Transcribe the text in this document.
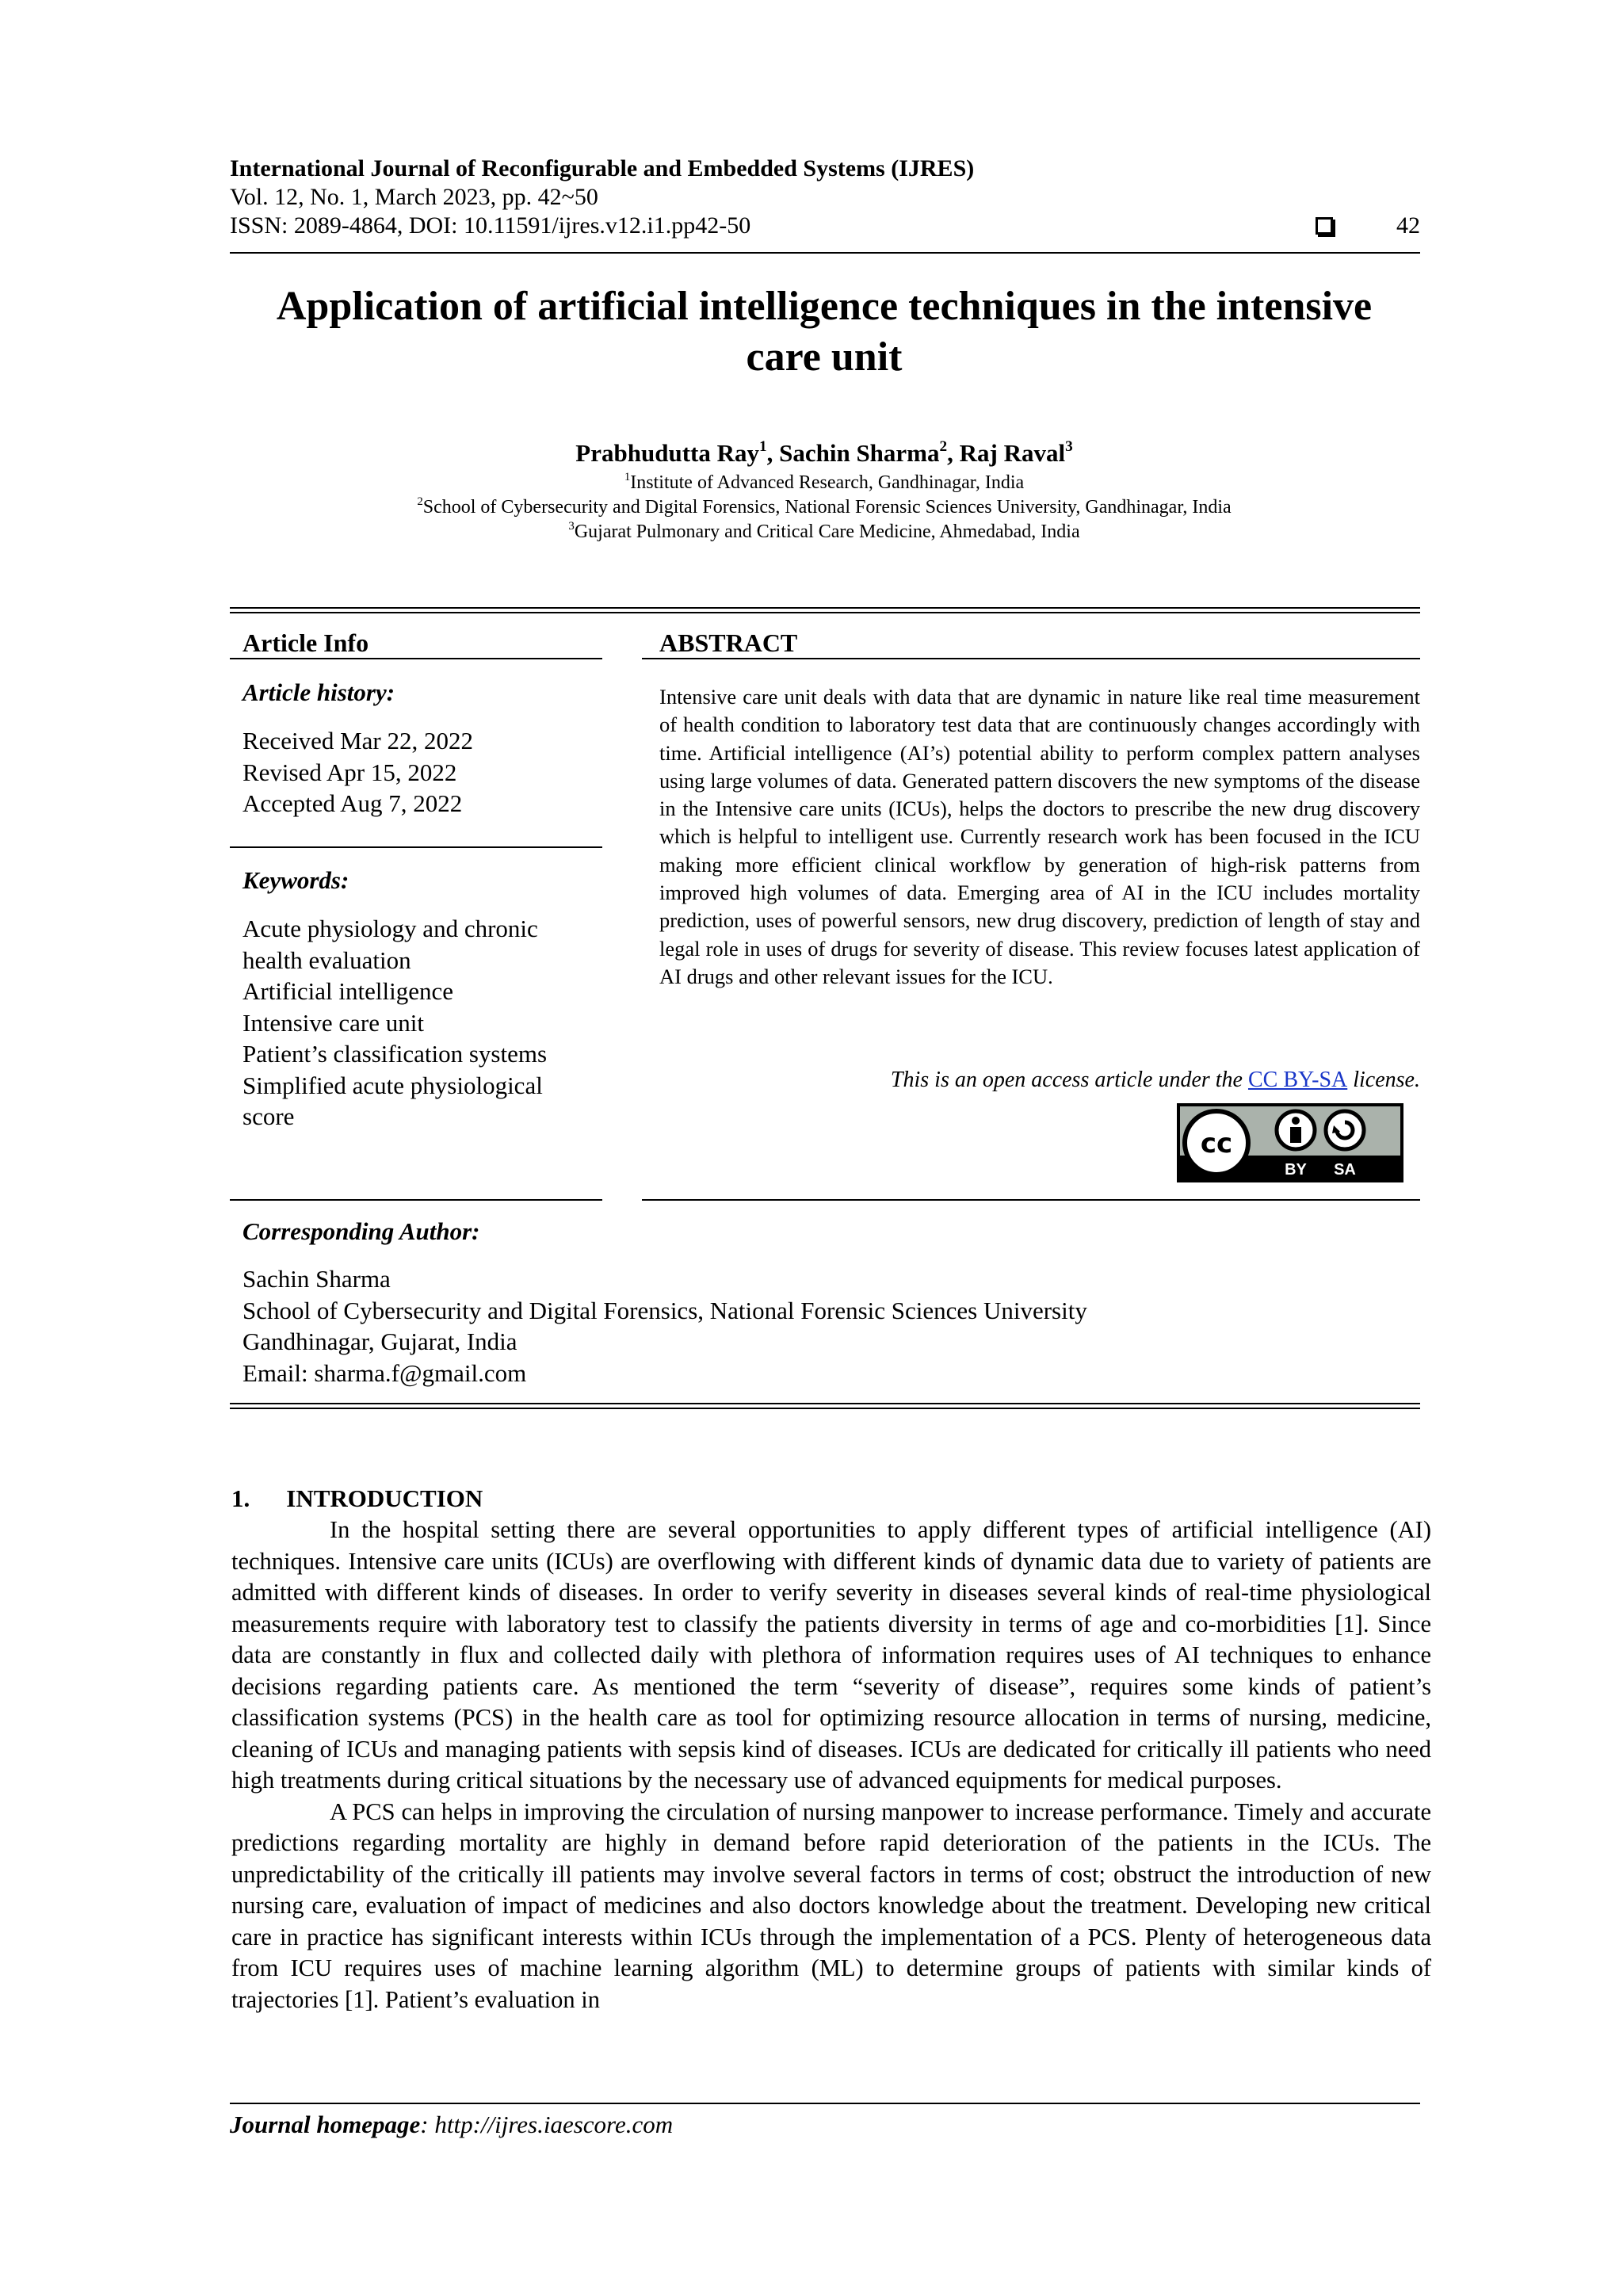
International Journal of Reconfigurable and Embedded Systems (IJRES)
Vol. 12, No. 1, March 2023, pp. 42~50
ISSN: 2089-4864, DOI: 10.11591/ijres.v12.i1.pp42-50	42
Application of artificial intelligence techniques in the intensive
care unit
Prabhudutta Ray$^1$, Sachin Sharma$^2$, Raj Raval$^3$
$^1$Institute of Advanced Research, Gandhinagar, India
$^2$School of Cybersecurity and Digital Forensics, National Forensic Sciences University, Gandhinagar, India
$^3$Gujarat Pulmonary and Critical Care Medicine, Ahmedabad, India
Article Info
Article history:
Received Mar 22, 2022
Revised Apr 15, 2022
Accepted Aug 7, 2022
Keywords:
Acute physiology and chronic
health evaluation
Artificial intelligence
Intensive care unit
Patient’s classification systems
Simplified acute physiological
score
ABSTRACT
Intensive care unit deals with data that are dynamic in nature like real time measurement of health condition to laboratory test data that are continuously changes accordingly with time. Artificial intelligence (AI’s) potential ability to perform complex pattern analyses using large volumes of data. Generated pattern discovers the new symptoms of the disease in the Intensive care units (ICUs), helps the doctors to prescribe the new drug discovery which is helpful to intelligent use. Currently research work has been focused in the ICU making more efficient clinical workflow by generation of high-risk patterns from improved high volumes of data. Emerging area of AI in the ICU includes mortality prediction, uses of powerful sensors, new drug discovery, prediction of length of stay and legal role in uses of drugs for severity of disease. This review focuses latest application of AI drugs and other relevant issues for the ICU.
This is an open access article under the CC BY-SA license.
cc
BY SA
Corresponding Author:
Sachin Sharma
School of Cybersecurity and Digital Forensics, National Forensic Sciences University
Gandhinagar, Gujarat, India
Email: sharma.f@gmail.com
1. INTRODUCTION

In the hospital setting there are several opportunities to apply different types of artificial intelligence (AI) techniques. Intensive care units (ICUs) are overflowing with different kinds of dynamic data due to variety of patients are admitted with different kinds of diseases. In order to verify severity in diseases several kinds of real-time physiological measurements require with laboratory test to classify the patients diversity in terms of age and co-morbidities [1]. Since data are constantly in flux and collected daily with plethora of information requires uses of AI techniques to enhance decisions regarding patients care. As mentioned the term “severity of disease”, requires some kinds of patient’s classification systems (PCS) in the health care as tool for optimizing resource allocation in terms of nursing, medicine, cleaning of ICUs and managing patients with sepsis kind of diseases. ICUs are dedicated for critically ill patients who need high treatments during critical situations by the necessary use of advanced equipments for medical purposes.

A PCS can helps in improving the circulation of nursing manpower to increase performance. Timely and accurate predictions regarding mortality are highly in demand before rapid deterioration of the patients in the ICUs. The unpredictability of the critically ill patients may involve several factors in terms of cost; obstruct the introduction of new nursing care, evaluation of impact of medicines and also doctors knowledge about the treatment. Developing new critical care in practice has significant interests within ICUs through the implementation of a PCS. Plenty of heterogeneous data from ICU requires uses of machine learning algorithm (ML) to determine groups of patients with similar kinds of trajectories [1]. Patient’s evaluation in

Journal homepage: http://ijres.iaescore.com
